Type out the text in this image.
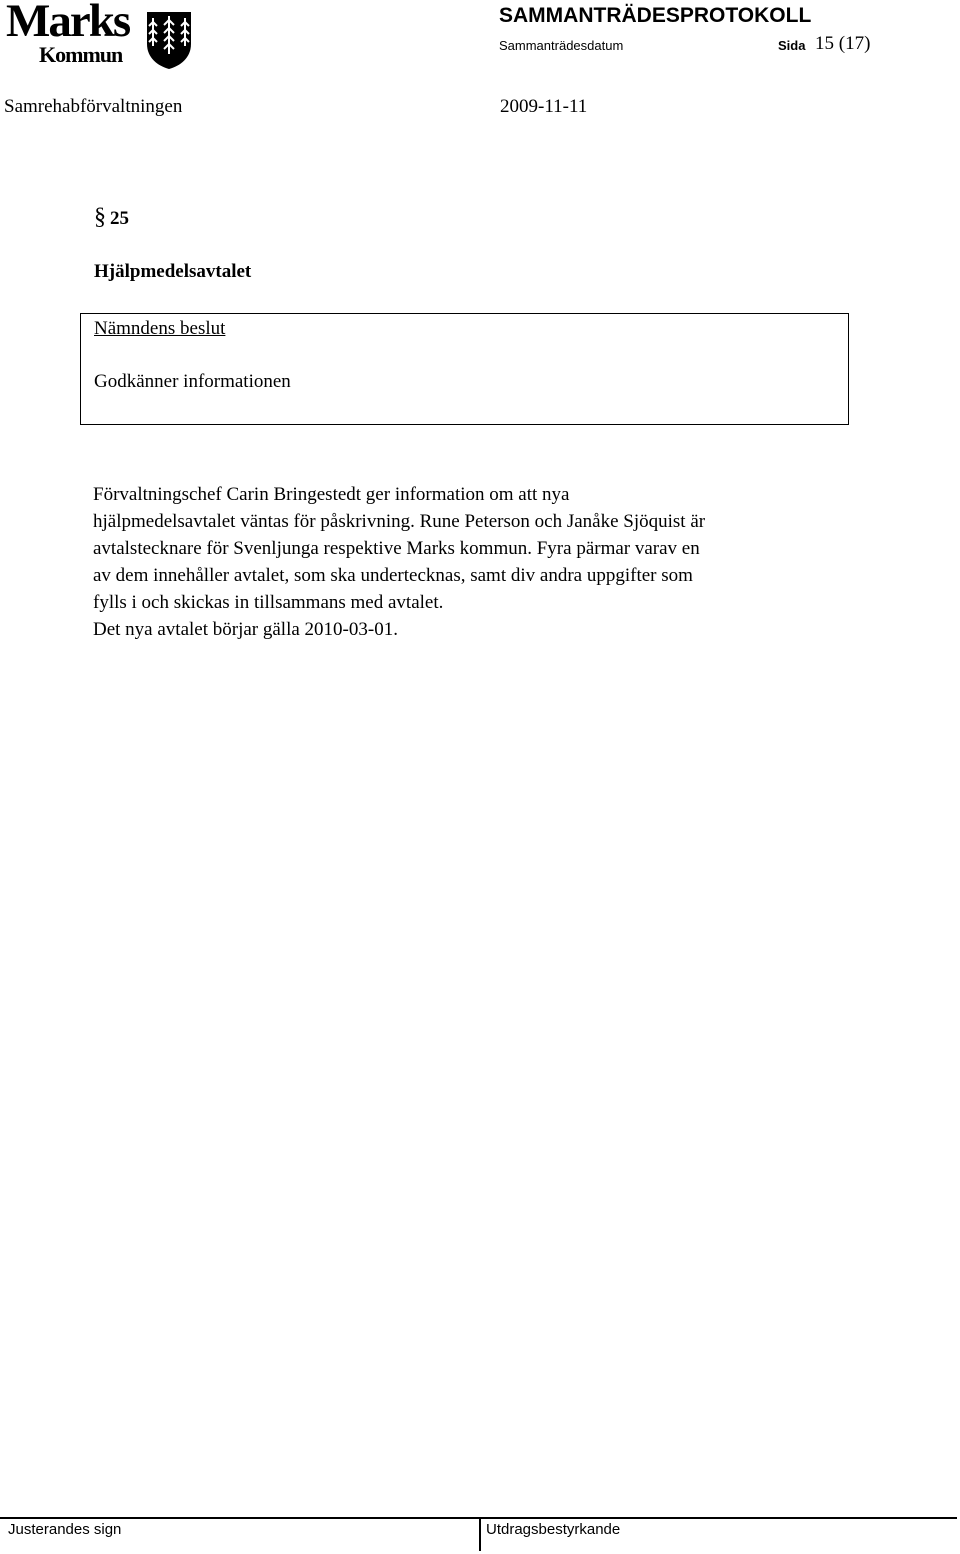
Marks
Kommun
SAMMANTRÄDESPROTOKOLL
Sammanträdesdatum	Sida 15 (17)
Samrehabförvaltningen	2009-11-11
§ 25
Hjälpmedelsavtalet
Nämndens beslut
Godkänner informationen

Förvaltningschef Carin Bringestedt ger information om att nya

hjälpmedelsavtalet väntas för påskrivning. Rune Peterson och Janåke Sjöquist är

avtalstecknare för Svenljunga respektive Marks kommun. Fyra pärmar varav en

av dem innehåller avtalet, som ska undertecknas, samt div andra uppgifter som

fylls i och skickas in tillsammans med avtalet.

Det nya avtalet börjar gälla 2010-03-01.

Justerandes sign	Utdragsbestyrkande
